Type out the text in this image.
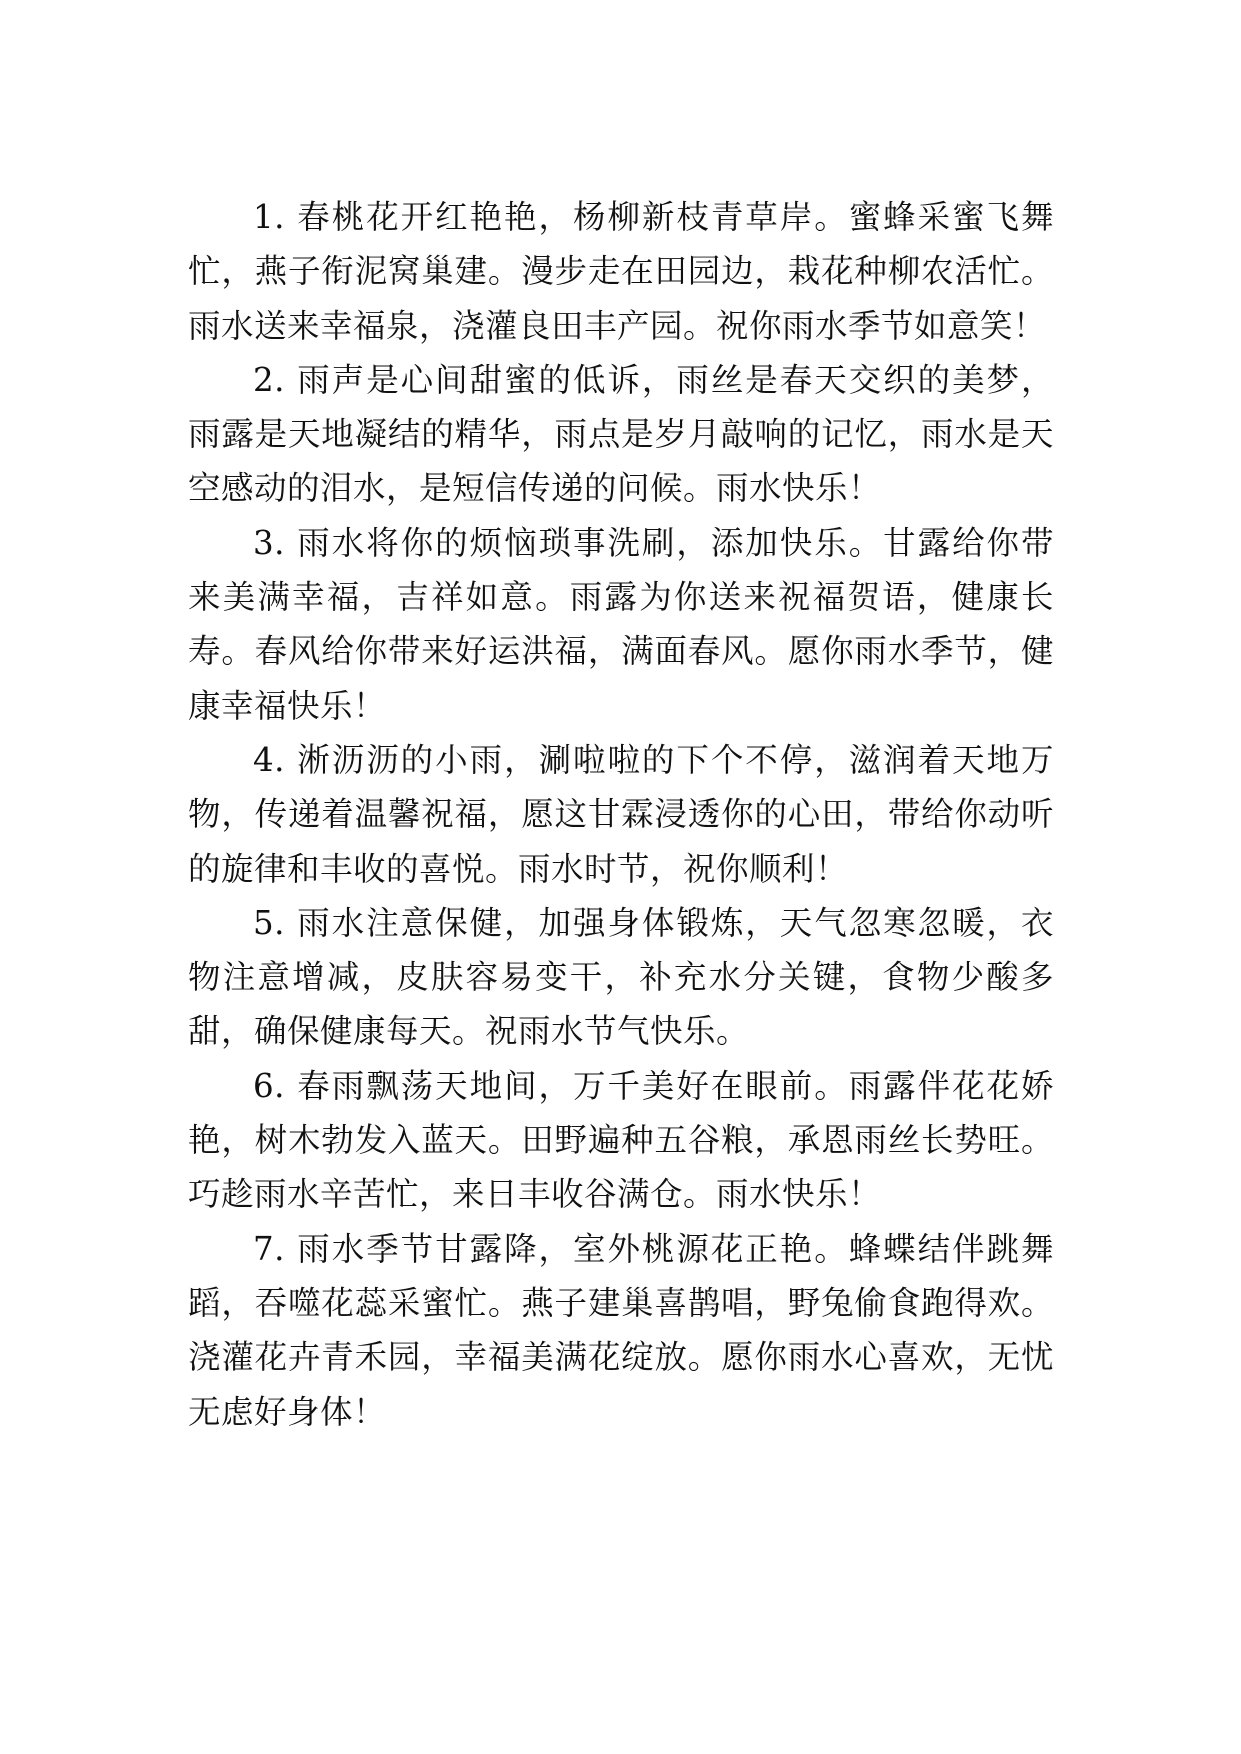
1. 春桃花开红艳艳，杨柳新枝青草岸。蜜蜂采蜜飞舞忙，燕子衔泥窝巢建。漫步走在田园边，栽花种柳农活忙。雨水送来幸福泉，浇灌良田丰产园。祝你雨水季节如意笑！

2. 雨声是心间甜蜜的低诉，雨丝是春天交织的美梦，雨露是天地凝结的精华，雨点是岁月敲响的记忆，雨水是天空感动的泪水，是短信传递的问候。雨水快乐！

3. 雨水将你的烦恼琐事洗刷，添加快乐。甘露给你带来美满幸福，吉祥如意。雨露为你送来祝福贺语，健康长寿。春风给你带来好运洪福，满面春风。愿你雨水季节，健康幸福快乐！

4. 淅沥沥的小雨，涮啦啦的下个不停，滋润着天地万物，传递着温馨祝福，愿这甘霖浸透你的心田，带给你动听的旋律和丰收的喜悦。雨水时节，祝你顺利！

5. 雨水注意保健，加强身体锻炼，天气忽寒忽暖，衣物注意增减，皮肤容易变干，补充水分关键，食物少酸多甜，确保健康每天。祝雨水节气快乐。

6. 春雨飘荡天地间，万千美好在眼前。雨露伴花花娇艳，树木勃发入蓝天。田野遍种五谷粮，承恩雨丝长势旺。巧趁雨水辛苦忙，来日丰收谷满仓。雨水快乐！

7. 雨水季节甘露降，室外桃源花正艳。蜂蝶结伴跳舞蹈，吞噬花蕊采蜜忙。燕子建巢喜鹊唱，野兔偷食跑得欢。浇灌花卉青禾园，幸福美满花绽放。愿你雨水心喜欢，无忧无虑好身体！
